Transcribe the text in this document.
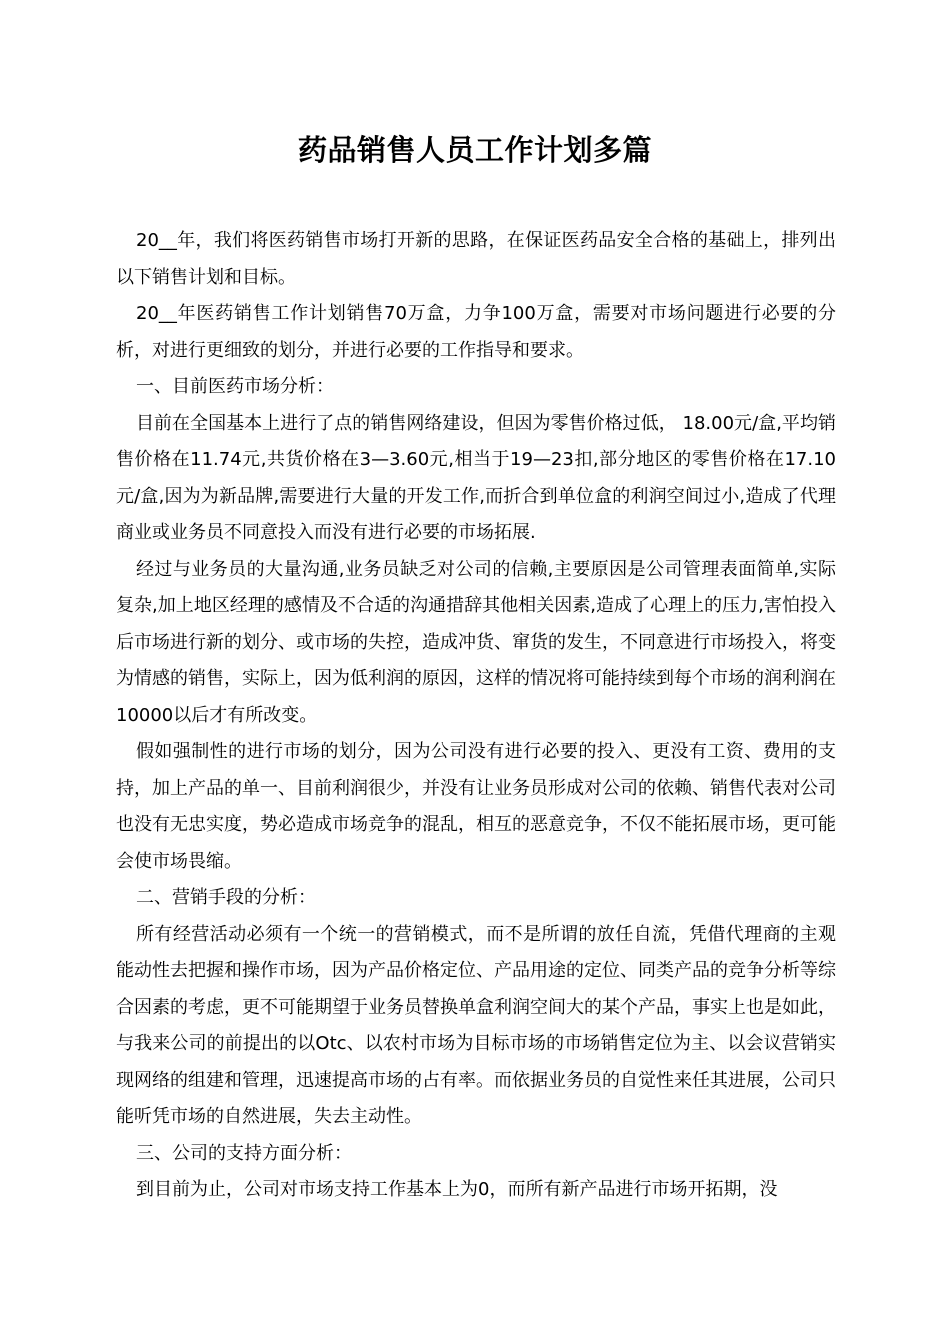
药品销售人员工作计划多篇

20__年，我们将医药销售市场打开新的思路，在保证医药品安全合格的基础上，排列出以下销售计划和目标。

20__年医药销售工作计划销售70万盒，力争100万盒，需要对市场问题进行必要的分析，对进行更细致的划分，并进行必要的工作指导和要求。

一、目前医药市场分析：

目前在全国基本上进行了点的销售网络建设，但因为零售价格过低， 18.00元/盒,平均销售价格在11.74元,共货价格在3—3.60元,相当于19—23扣,部分地区的零售价格在17.10元/盒,因为为新品牌,需要进行大量的开发工作,而折合到单位盒的利润空间过小,造成了代理商业或业务员不同意投入而没有进行必要的市场拓展.

经过与业务员的大量沟通,业务员缺乏对公司的信赖,主要原因是公司管理表面简单,实际复杂,加上地区经理的感情及不合适的沟通措辞其他相关因素,造成了心理上的压力,害怕投入后市场进行新的划分、或市场的失控，造成冲货、窜货的发生，不同意进行市场投入，将变为情感的销售，实际上，因为低利润的原因，这样的情况将可能持续到每个市场的润利润在10000以后才有所改变。

假如强制性的进行市场的划分，因为公司没有进行必要的投入、更没有工资、费用的支持，加上产品的单一、目前利润很少，并没有让业务员形成对公司的依赖、销售代表对公司也没有无忠实度，势必造成市场竞争的混乱，相互的恶意竞争，不仅不能拓展市场，更可能会使市场畏缩。

二、营销手段的分析：

所有经营活动必须有一个统一的营销模式，而不是所谓的放任自流，凭借代理商的主观能动性去把握和操作市场，因为产品价格定位、产品用途的定位、同类产品的竞争分析等综合因素的考虑，更不可能期望于业务员替换单盒利润空间大的某个产品，事实上也是如此，与我来公司的前提出的以Otc、以农村市场为目标市场的市场销售定位为主、以会议营销实现网络的组建和管理，迅速提高市场的占有率。而依据业务员的自觉性来任其进展，公司只能听凭市场的自然进展，失去主动性。

三、公司的支持方面分析：

到目前为止，公司对市场支持工作基本上为0，而所有新产品进行市场开拓期，没
